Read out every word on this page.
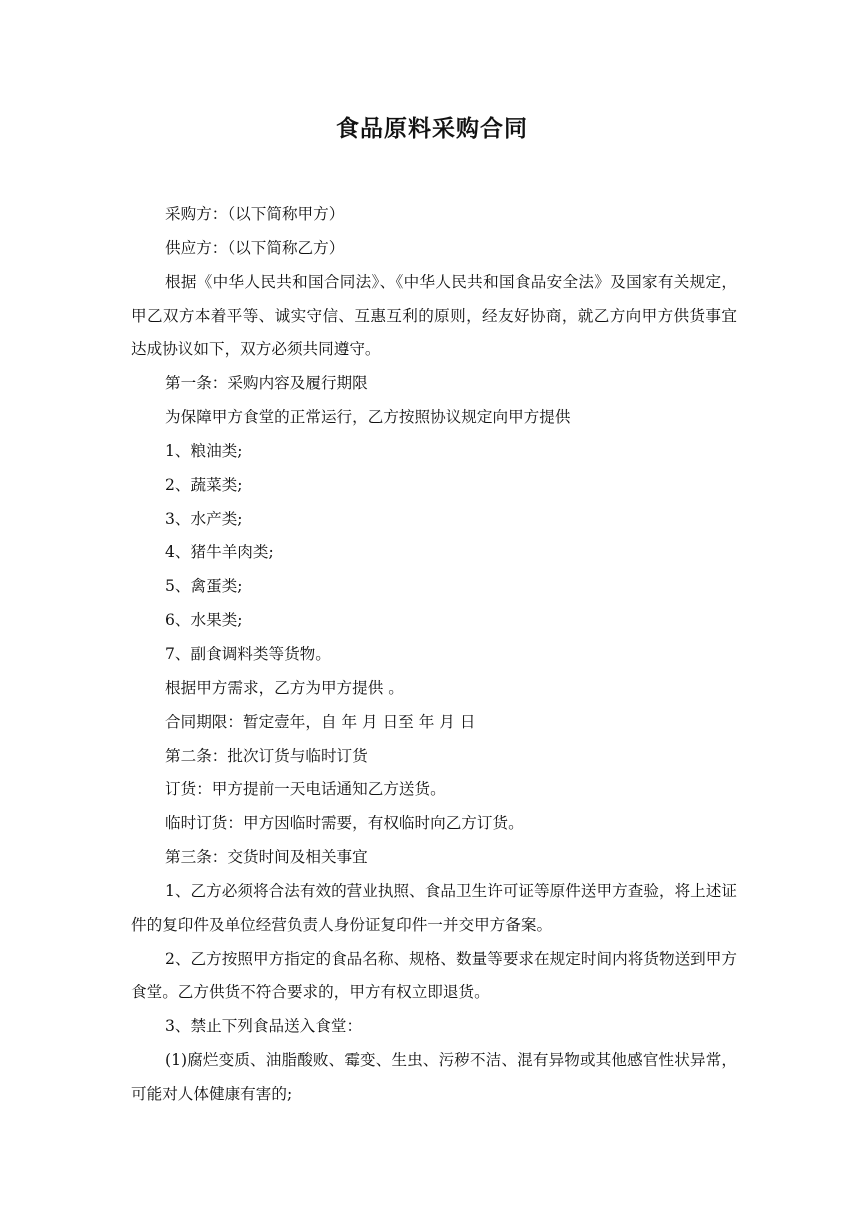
食品原料采购合同

采购方：（以下简称甲方）

供应方：（以下简称乙方）

根据《中华人民共和国合同法》、《中华人民共和国食品安全法》及国家有关规定，甲乙双方本着平等、诚实守信、互惠互利的原则，经友好协商，就乙方向甲方供货事宜达成协议如下，双方必须共同遵守。

第一条：采购内容及履行期限

为保障甲方食堂的正常运行，乙方按照协议规定向甲方提供

1、粮油类;

2、蔬菜类;

3、水产类;

4、猪牛羊肉类;

5、禽蛋类;

6、水果类;

7、副食调料类等货物。

根据甲方需求，乙方为甲方提供 。

合同期限：暂定壹年，自 年 月 日至 年 月 日

第二条：批次订货与临时订货

订货：甲方提前一天电话通知乙方送货。

临时订货：甲方因临时需要，有权临时向乙方订货。

第三条：交货时间及相关事宜

1、乙方必须将合法有效的营业执照、食品卫生许可证等原件送甲方查验，将上述证件的复印件及单位经营负责人身份证复印件一并交甲方备案。

2、乙方按照甲方指定的食品名称、规格、数量等要求在规定时间内将货物送到甲方食堂。乙方供货不符合要求的，甲方有权立即退货。

3、禁止下列食品送入食堂：

(1)腐烂变质、油脂酸败、霉变、生虫、污秽不洁、混有异物或其他感官性状异常，可能对人体健康有害的;
